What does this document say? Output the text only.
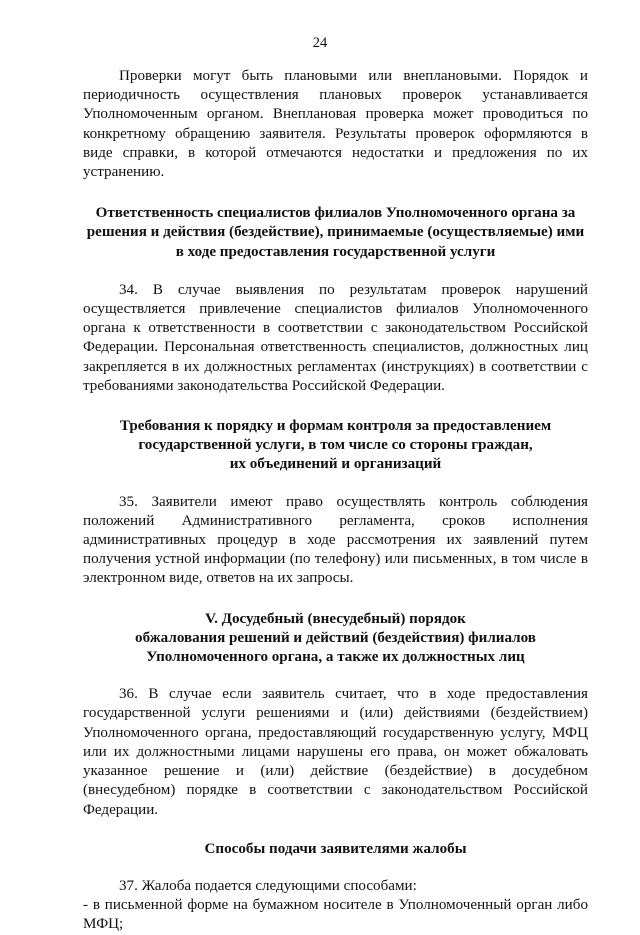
24

Проверки могут быть плановыми или внеплановыми. Порядок и периодичность осуществления плановых проверок устанавливается Уполномоченным органом. Внеплановая проверка может проводиться по конкретному обращению заявителя. Результаты проверок оформляются в виде справки, в которой отмечаются недостатки и предложения по их устранению.

Ответственность специалистов филиалов Уполномоченного органа за
решения и действия (бездействие), принимаемые (осуществляемые) ими
в ходе предоставления государственной услуги

34. В случае выявления по результатам проверок нарушений осуществляется привлечение специалистов филиалов Уполномоченного органа к ответственности в соответствии с законодательством Российской Федерации. Персональная ответственность специалистов, должностных лиц закрепляется в их должностных регламентах (инструкциях) в соответствии с требованиями законодательства Российской Федерации.

Требования к порядку и формам контроля за предоставлением
государственной услуги, в том числе со стороны граждан,
их объединений и организаций

35. Заявители имеют право осуществлять контроль соблюдения положений Административного регламента, сроков исполнения административных процедур в ходе рассмотрения их заявлений путем получения устной информации (по телефону) или письменных, в том числе в электронном виде, ответов на их запросы.

V. Досудебный (внесудебный) порядок
обжалования решений и действий (бездействия) филиалов
Уполномоченного органа, а также их должностных лиц

36. В случае если заявитель считает, что в ходе предоставления государственной услуги решениями и (или) действиями (бездействием) Уполномоченного органа, предоставляющий государственную услугу, МФЦ или их должностными лицами нарушены его права, он может обжаловать указанное решение и (или) действие (бездействие) в досудебном (внесудебном) порядке в соответствии с законодательством Российской Федерации.

Способы подачи заявителями жалобы

37. Жалоба подается следующими способами:

- в письменной форме на бумажном носителе в Уполномоченный орган либо МФЦ;
